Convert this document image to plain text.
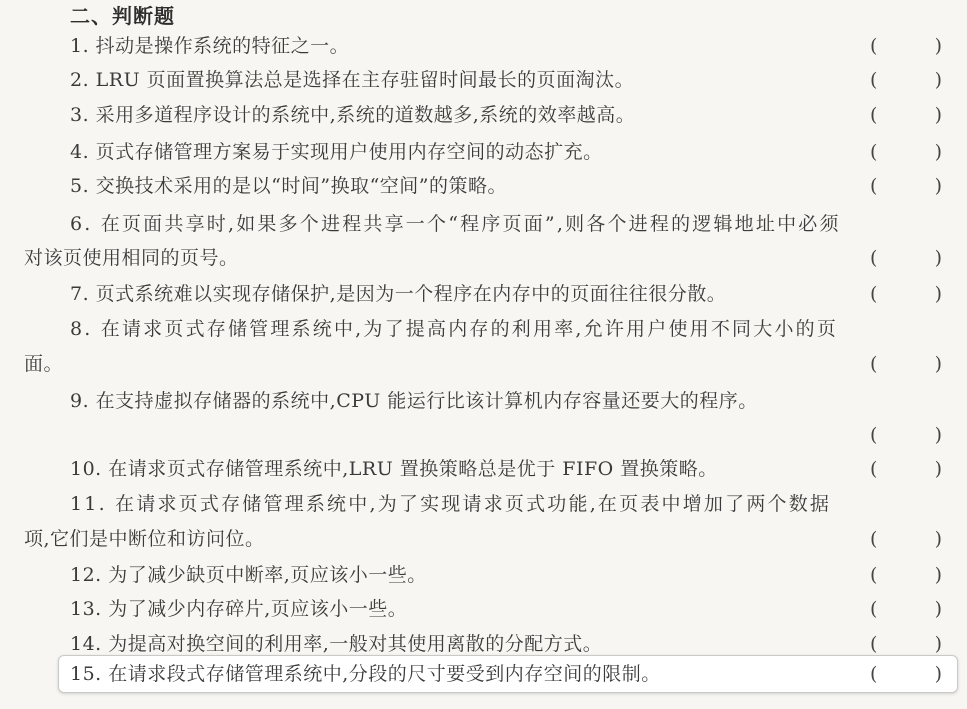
二、判断题
1. 抖动是操作系统的特征之一。	(	)
2. LRU 页面置换算法总是选择在主存驻留时间最长的页面淘汰。	(	)
3. 采用多道程序设计的系统中,系统的道数越多,系统的效率越高。	(	)
4. 页式存储管理方案易于实现用户使用内存空间的动态扩充。	(	)
5. 交换技术采用的是以“时间”换取“空间”的策略。	(	)
6. 在页面共享时,如果多个进程共享一个“程序页面”,则各个进程的逻辑地址中必须
对该页使用相同的页号。	(	)
7. 页式系统难以实现存储保护,是因为一个程序在内存中的页面往往很分散。	(	)
8. 在请求页式存储管理系统中,为了提高内存的利用率,允许用户使用不同大小的页
面。	(	)
9. 在支持虚拟存储器的系统中,CPU 能运行比该计算机内存容量还要大的程序。
(	)
10. 在请求页式存储管理系统中,LRU 置换策略总是优于 FIFO 置换策略。	(	)
11. 在请求页式存储管理系统中,为了实现请求页式功能,在页表中增加了两个数据
项,它们是中断位和访问位。	(	)
12. 为了减少缺页中断率,页应该小一些。	(	)
13. 为了减少内存碎片,页应该小一些。	(	)
14. 为提高对换空间的利用率,一般对其使用离散的分配方式。	(	)
15. 在请求段式存储管理系统中,分段的尺寸要受到内存空间的限制。	(	)
